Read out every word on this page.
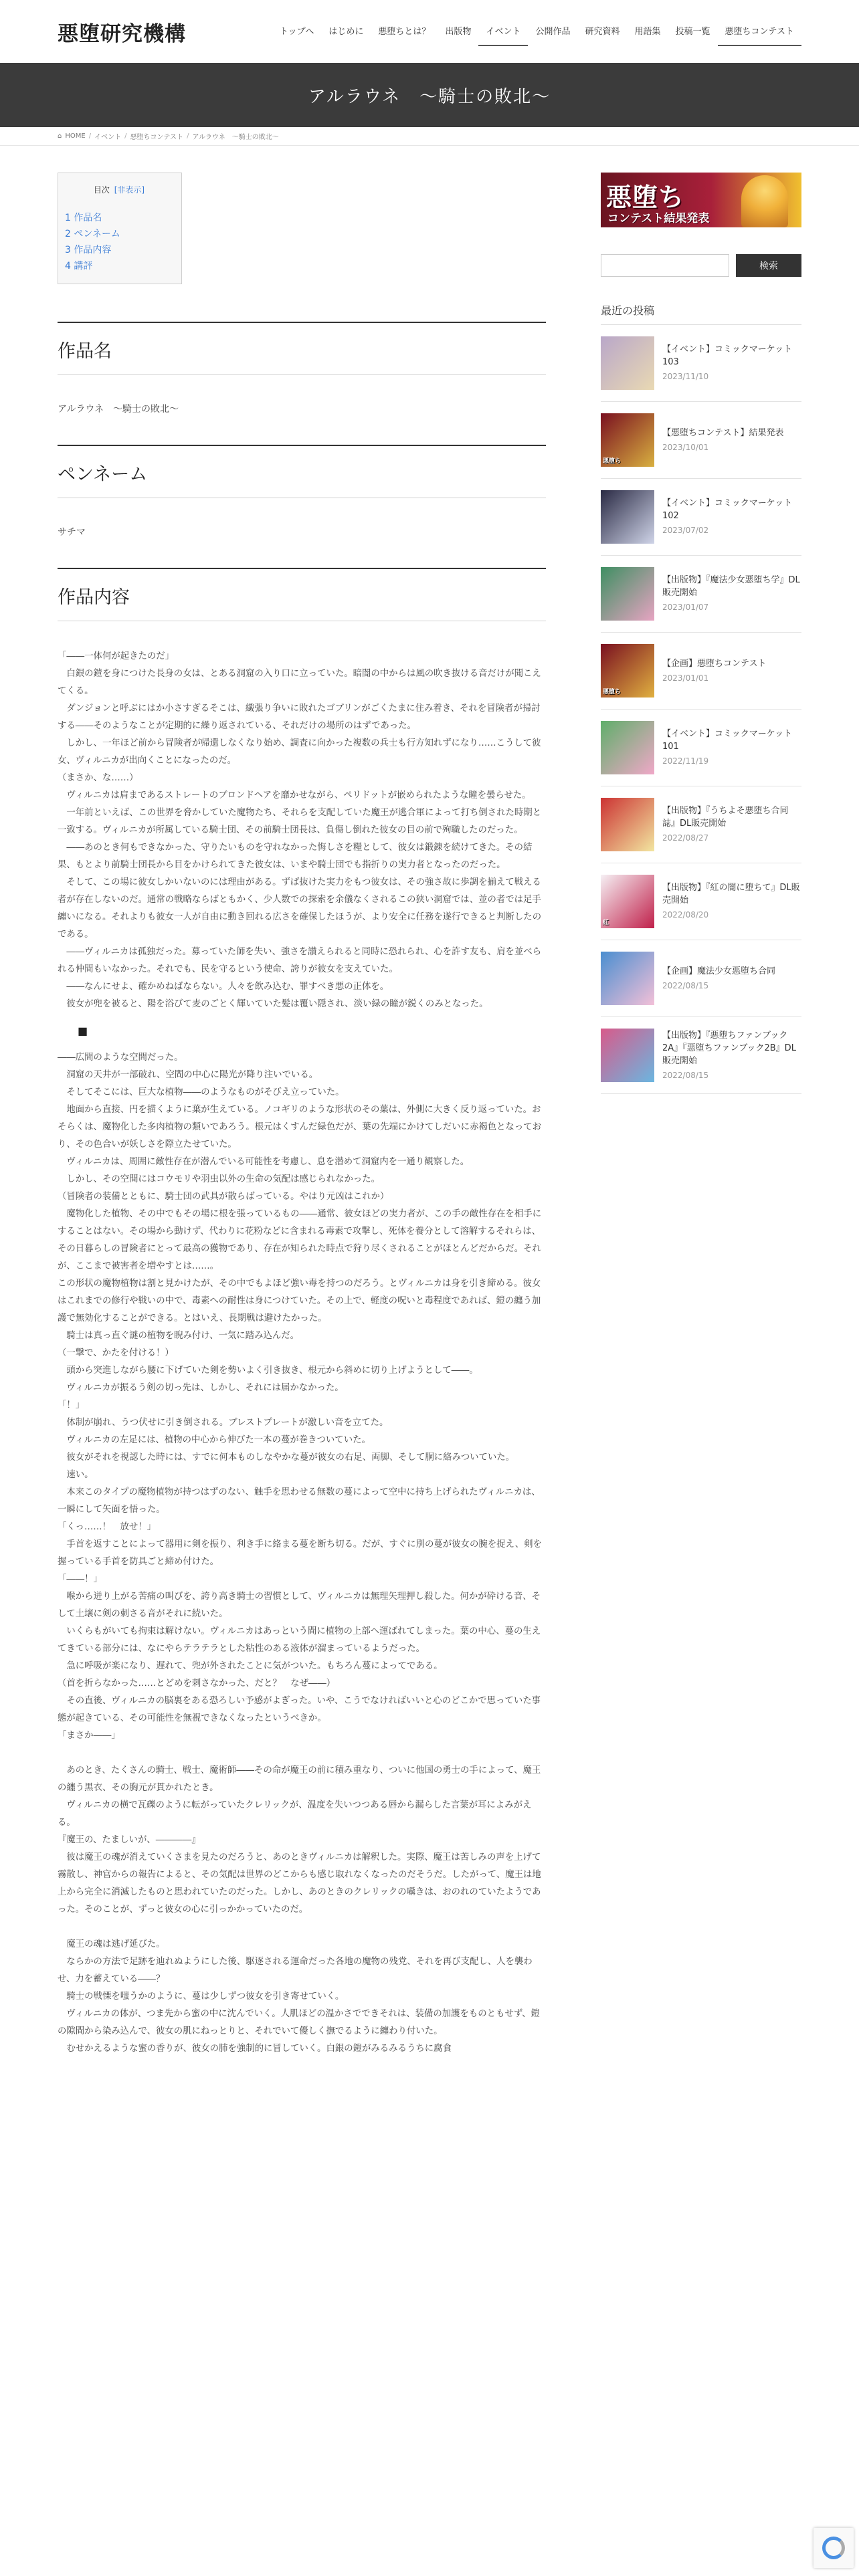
悪堕研究機構	トップへ	はじめに	悪堕ちとは？	出版物	イベント	公開作品	研究資料	用語集	投稿一覧	悪堕ちコンテスト
アルラウネ　〜騎士の敗北〜
⌂ HOME / イベント / 悪堕ちコンテスト / アルラウネ　〜騎士の敗北〜
目次 [非表示]
1 作品名
2 ペンネーム
3 作品内容
4 講評
作品名
アルラウネ　〜騎士の敗北〜
ペンネーム
サチマ
作品内容

「――一体何が起きたのだ」

　白銀の鎧を身につけた長身の女は、とある洞窟の入り口に立っていた。暗闇の中からは風の吹き抜ける音だけが聞こえてくる。

　ダンジョンと呼ぶにはか小さすぎるそこは、繊張り争いに敗れたゴブリンがごくたまに住み着き、それを冒険者が掃討する――そのようなことが定期的に繰り返されている、それだけの場所のはずであった。

　しかし、一年ほど前から冒険者が帰還しなくなり始め、調査に向かった複数の兵士も行方知れずになり……こうして彼女、ヴィルニカが出向くことになったのだ。

（まさか、な……）

　ヴィルニカは肩まであるストレートのブロンドヘアを靡かせながら、ペリドットが嵌められたような瞳を曇らせた。

　一年前といえば、この世界を脅かしていた魔物たち、それらを支配していた魔王が逃合軍によって打ち倒された時期と一致する。ヴィルニカが所属している騎士団、その前騎士団長は、負傷し倒れた彼女の目の前で殉職したのだった。

　――あのとき何もできなかった、守りたいものを守れなかった悔しさを糧として、彼女は鍛錬を続けてきた。その結果、もとより前騎士団長から目をかけられてきた彼女は、いまや騎士団でも指折りの実力者となったのだった。

　そして、この場に彼女しかいないのには理由がある。ずば抜けた実力をもつ彼女は、その強さ故に歩調を揃えて戦える者が存在しないのだ。通常の戦略ならばともかく、少人数での探索を余儀なくされるこの狭い洞窟では、並の者では足手纏いになる。それよりも彼女一人が自由に動き回れる広さを確保したほうが、より安全に任務を遂行できると判断したのである。

　――ヴィルニカは孤独だった。募っていた師を失い、強さを讃えられると同時に恐れられ、心を許す友も、肩を並べられる仲間もいなかった。それでも、民を守るという使命、誇りが彼女を支えていた。

　――なんにせよ、確かめねばならない。人々を飲み込む、罪すべき悪の正体を。

　彼女が兜を被ると、陽を浴びて麦のごとく輝いていた髪は覆い隠され、淡い緑の瞳が鋭くのみとなった。

■

――広間のような空間だった。

　洞窟の天井が一部破れ、空間の中心に陽光が降り注いでいる。

　そしてそこには、巨大な植物――のようなものがそびえ立っていた。

　地面から直接、円を描くように葉が生えている。ノコギリのような形状のその葉は、外側に大きく反り返っていた。おそらくは、魔物化した多肉植物の類いであろう。根元はくすんだ緑色だが、葉の先端にかけてしだいに赤褐色となっており、その色合いが妖しさを際立たせていた。

　ヴィルニカは、周囲に敵性存在が潜んでいる可能性を考慮し、息を潜めて洞窟内を一通り観察した。

　しかし、その空間にはコウモリや羽虫以外の生命の気配は感じられなかった。

（冒険者の装備とともに、騎士団の武具が散らばっている。やはり元凶はこれか）

　魔物化した植物、その中でもその場に根を張っているもの――通常、彼女ほどの実力者が、この手の敵性存在を相手にすることはない。その場から動けず、代わりに花粉などに含まれる毒素で攻撃し、死体を養分として溶解するそれらは、その日暮らしの冒険者にとって最高の獲物であり、存在が知られた時点で狩り尽くされることがほとんどだからだ。それが、ここまで被害者を増やすとは……。

この形状の魔物植物は割と見かけたが、その中でもよほど強い毒を持つのだろう。とヴィルニカは身を引き締める。彼女はこれまでの修行や戦いの中で、毒素への耐性は身につけていた。その上で、軽度の呪いと毒程度であれば、鎧の纏う加護で無効化することができる。とはいえ、長期戦は避けたかった。

　騎士は真っ直ぐ謎の植物を睨み付け、一気に踏み込んだ。

（一撃で、かたを付ける！）

　頭から突進しながら腰に下げていた剣を勢いよく引き抜き、根元から斜めに切り上げようとして――。

　ヴィルニカが振るう剣の切っ先は、しかし、それには届かなかった。

「！」

　体制が崩れ、うつ伏せに引き倒される。ブレストプレートが激しい音を立てた。

　ヴィルニカの左足には、植物の中心から伸びた一本の蔓が巻きついていた。

　彼女がそれを視認した時には、すでに何本ものしなやかな蔓が彼女の右足、両脚、そして胴に絡みついていた。

　速い。

　本来このタイプの魔物植物が持つはずのない、触手を思わせる無数の蔓によって空中に持ち上げられたヴィルニカは、一瞬にして矢面を悟った。

「くっ……！　放せ！」

　手首を返すことによって器用に剣を振り、利き手に絡まる蔓を断ち切る。だが、すぐに別の蔓が彼女の腕を捉え、剣を握っている手首を防具ごと締め付けた。

「――！」

　喉から迸り上がる苦痛の叫びを、誇り高き騎士の習慣として、ヴィルニカは無理矢理押し殺した。何かが砕ける音、そして土壌に剣の刺さる音がそれに続いた。

　いくらもがいても拘束は解けない。ヴィルニカはあっという間に植物の上部へ運ばれてしまった。葉の中心、蔓の生えてきている部分には、なにやらテラテラとした粘性のある液体が溜まっているようだった。

　急に呼吸が楽になり、遅れて、兜が外されたことに気がついた。もちろん蔓によってである。

（首を折らなかった……とどめを刺さなかった、だと？　なぜ――）

　その直後、ヴィルニカの脳裏をある恐ろしい予感がよぎった。いや、こうでなければいいと心のどこかで思っていた事態が起きている、その可能性を無視できなくなったというべきか。

「まさか――」

　あのとき、たくさんの騎士、戦士、魔術師――その命が魔王の前に積み重なり、ついに他国の勇士の手によって、魔王の纏う黒衣、その胸元が貫かれたとき。

　ヴィルニカの横で瓦礫のように転がっていたクレリックが、温度を失いつつある唇から漏らした言葉が耳によみがえる。

『魔王の、たましいが、――――』

　彼は魔王の魂が消えていくさまを見たのだろうと、あのときヴィルニカは解釈した。実際、魔王は苦しみの声を上げて霧散し、神官からの報告によると、その気配は世界のどこからも感じ取れなくなったのだそうだ。したがって、魔王は地上から完全に消滅したものと思われていたのだった。しかし、あのときのクレリックの囁きは、おのれのていたようであった。そのことが、ずっと彼女の心に引っかかっていたのだ。

　魔王の魂は逃げ延びた。

　ならかの方法で足跡を辿れぬようにした後、駆逐される運命だった各地の魔物の残党、それを再び支配し、人を襲わせ、力を蓄えている――？

　騎士の戦慄を嗤うかのように、蔓は少しずつ彼女を引き寄せていく。

　ヴィルニカの体が、つま先から蜜の中に沈んでいく。人肌ほどの温かさでできそれは、装備の加護をものともせず、鎧の隙間から染み込んで、彼女の肌にねっとりと、それでいて優しく撫でるように纏わり付いた。

　むせかえるような蜜の香りが、彼女の肺を強制的に冒していく。白銀の鎧がみるみるうちに腐食

悪堕ち
コンテスト結果発表
検索
最近の投稿
【イベント】コミックマーケット103
2023/11/10
悪堕ち
【悪堕ちコンテスト】結果発表
2023/10/01
【イベント】コミックマーケット102
2023/07/02
【出版物】『魔法少女悪堕ち学』DL販売開始
2023/01/07
悪堕ち
【企画】悪堕ちコンテスト
2023/01/01
【イベント】コミックマーケット101
2022/11/19
【出版物】『うちよそ悪堕ち合同誌』DL販売開始
2022/08/27
紅
【出版物】『紅の闇に堕ちて』DL販売開始
2022/08/20
【企画】魔法少女悪堕ち合同
2022/08/15
【出版物】『悪堕ちファンブック2A』『悪堕ちファンブック2B』DL販売開始
2022/08/15
